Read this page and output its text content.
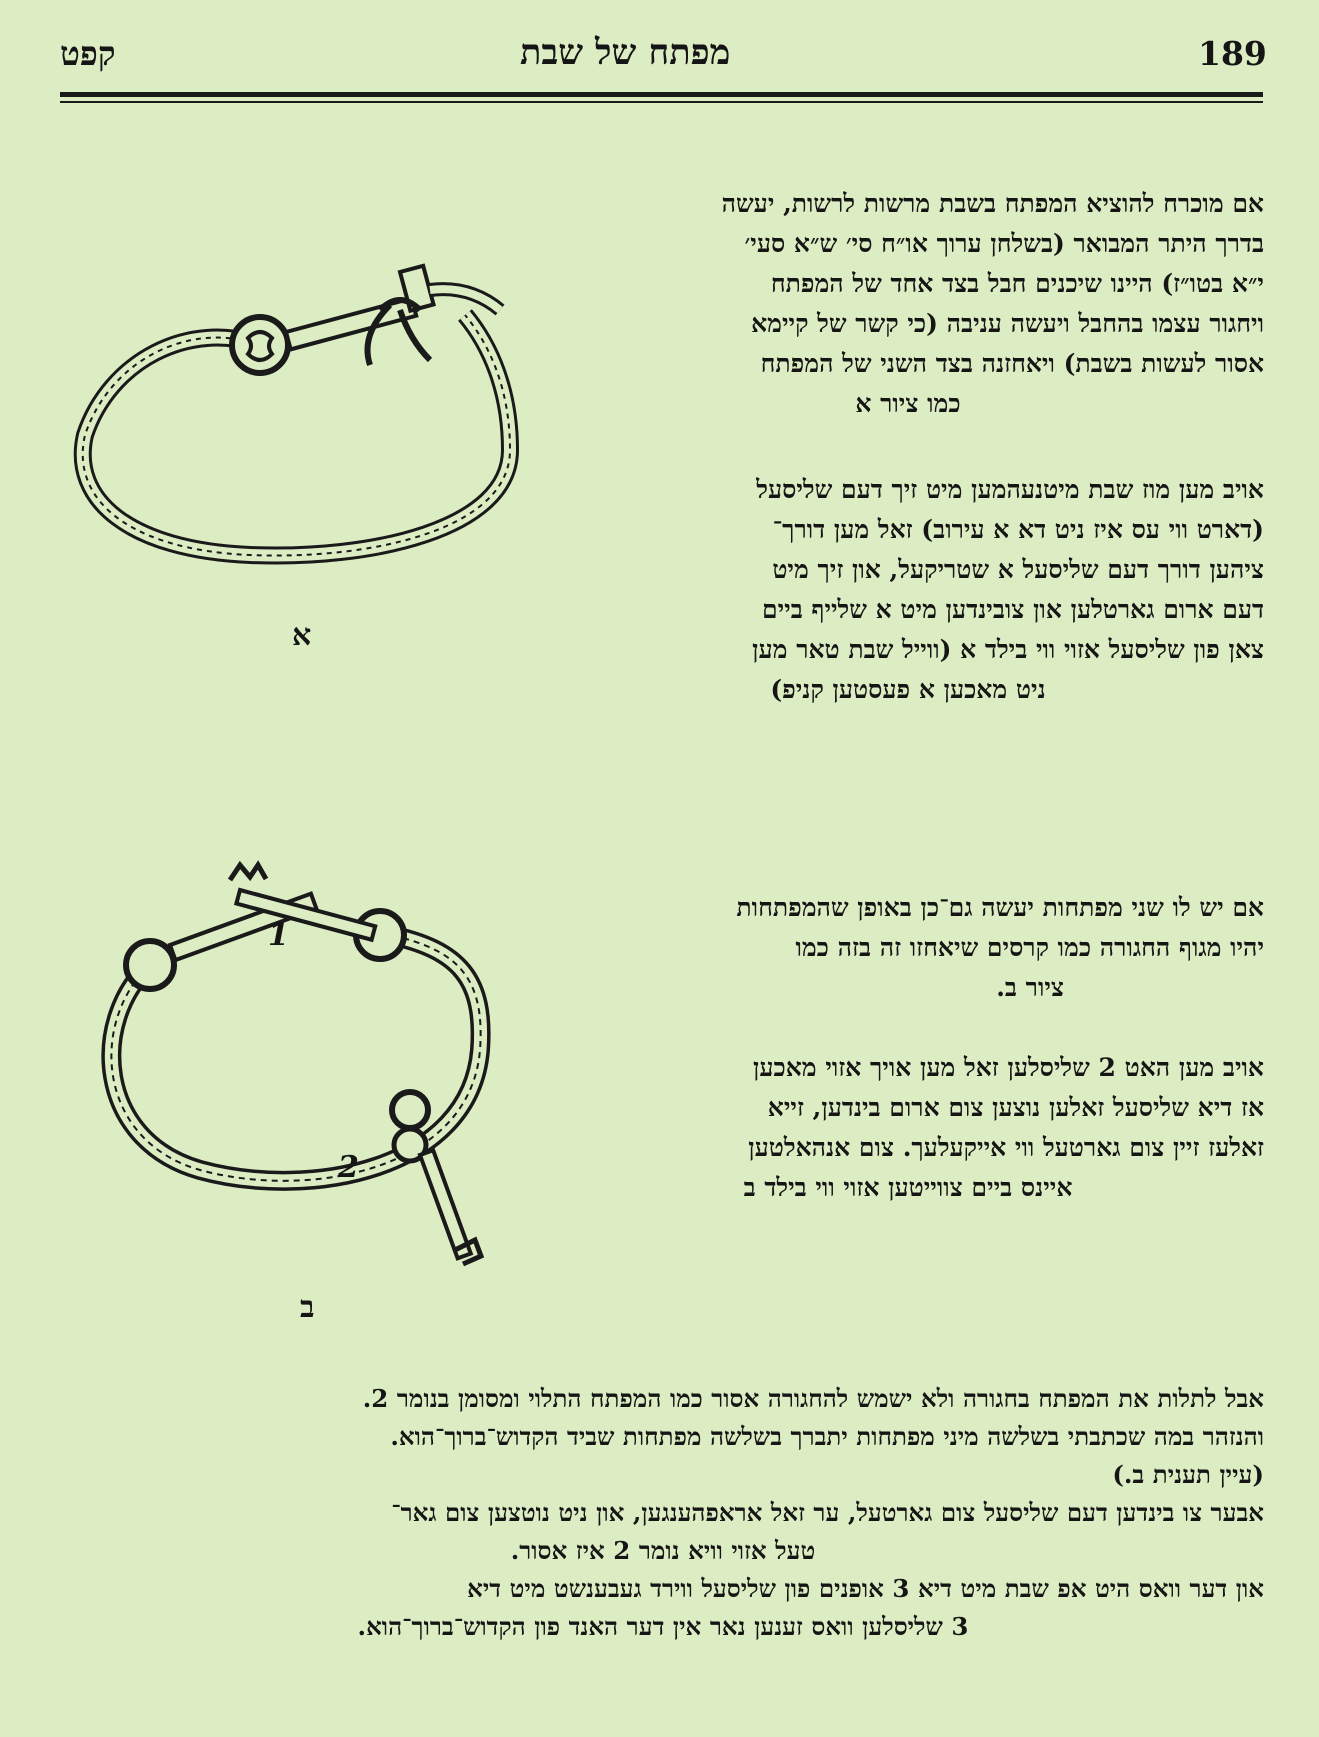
189
מפתח של שבת
קפט
אם מוכרח להוציא המפתח בשבת מרשות לרשות, יעשה
בדרך היתר המבואר (בשלחן ערוך או״ח סי׳ ש״א סעי׳
י״א בטו״ז) היינו שיכנים חבל בצד אחד של המפתח
ויחגור עצמו בהחבל ויעשה עניבה (כי קשר של קיימא
אסור לעשות בשבת) ויאחזנה בצד השני של המפתח
כמו ציור א
אויב מען מוז שבת מיטנעהמען מיט זיך דעם שליסעל
(דארט ווי עס איז ניט דא א עירוב) זאל מען דורך־
ציהען דורך דעם שליסעל א שטריקעל, און זיך מיט
דעם ארום גארטלען און צובינדען מיט א שלייף ביים
צאן פון שליסעל אזוי ווי בילד א (ווייל שבת טאר מען
ניט מאכען א פעסטען קניפ)
א
אם יש לו שני מפתחות יעשה גם־כן באופן שהמפתחות
יהיו מגוף החגורה כמו קרסים שיאחזו זה בזה כמו
ציור ב.
אויב מען האט 2 שליסלען זאל מען אויך אזוי מאכען
אז דיא שליסעל זאלען נוצען צום ארום בינדען, זייא
זאלעז זיין צום גארטעל ווי אייקעלעך. צום אנהאלטען
איינס ביים צווייטען אזוי ווי בילד ב
1
2
ב
אבל לתלות את המפתח בחגורה ולא ישמש להחגורה אסור כמו המפתח התלוי ומסומן בנומר 2.
והנזהר במה שכתבתי בשלשה מיני מפתחות יתברך בשלשה מפתחות שביד הקדוש־ברוך־הוא.
(עיין תענית ב.)
אבער צו בינדען דעם שליסעל צום גארטעל, ער זאל אראפהענגען, און ניט נוטצען צום גאר־
טעל אזוי וויא נומר 2 איז אסור.
און דער וואס היט אפ שבת מיט דיא 3 אופנים פון שליסעל ווירד געבענשט מיט דיא
3 שליסלען וואס זענען נאר אין דער האנד פון הקדוש־ברוך־הוא.
